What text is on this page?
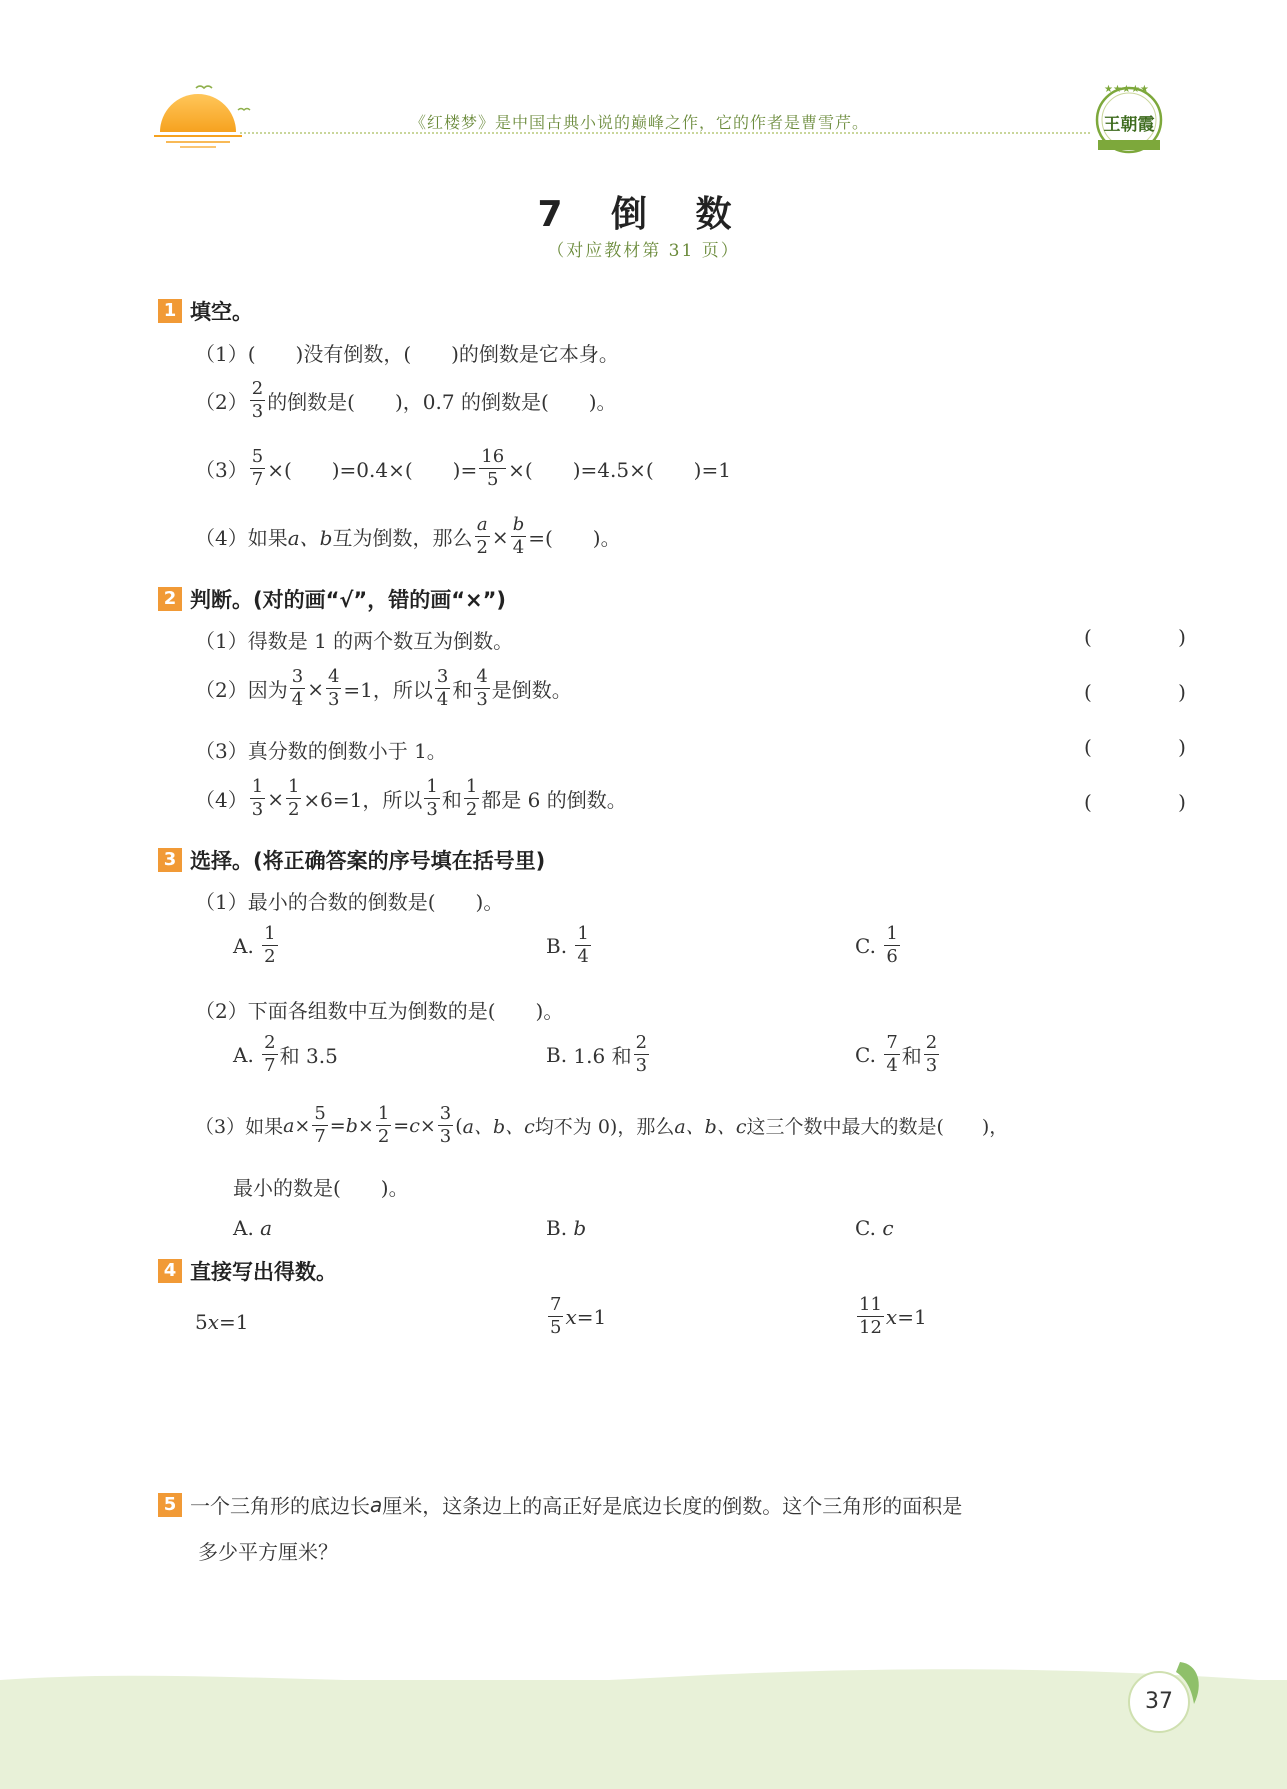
《红楼梦》是中国古典小说的巅峰之作，它的作者是曹雪芹。
★★★★★
王朝霞
7 倒 数
（对应教材第 31 页）
1 填空。
（1）(　　)没有倒数，(　　)的倒数是它本身。
$(2) \frac{2}{3}$ 的倒数是(　　)，0.7 的倒数是(　　)。
$(3) \frac{5}{7}$ ×(　　)=0.4×(　　)= $\frac{16}{5}$ ×(　　)=4.5×(　　)=1
（4）如果 a、b 互为倒数，那么 $\frac{a}{2} \times \frac{b}{4}$ =(　　)。
2 判断。(对的画“√”，错的画“×”)
（1）得数是 1 的两个数互为倒数。	( )
（2）因为 $\frac{3}{4} \times \frac{4}{3} =1$，所以 $\frac{3}{4}$ 和 $\frac{4}{3}$ 是倒数。	( )
（3）真分数的倒数小于 1。	( )
$(4) \frac{1}{3} \times \frac{1}{2} \times 6=1$，所以 $\frac{1}{3}$ 和 $\frac{1}{2}$ 都是 6 的倒数。	( )
3 选择。(将正确答案的序号填在括号里)
（1）最小的合数的倒数是(　　)。
A.
$\frac{1}{2}$	B.
$\frac{1}{4}$	C.
$\frac{1}{6}$
（2）下面各组数中互为倒数的是(　　)。
A.
$\frac{2}{7}$ 和 3.5	B.
1.6 和 $\frac{2}{3}$	C.
$\frac{7}{4}$ 和 $\frac{2}{3}$
（3）如果 $a \times \frac{5}{7} = b \times \frac{1}{2} = c \times \frac{3}{3}$ ( a、b、c 均不为 0)，那么 a、b、c 这三个数中最大的数是(　　)，
最小的数是(　　)。
A.
a	B.
b	C.
c
4 直接写出得数。
5 x =1	$\frac{7}{5}$ x =1	$\frac{11}{12}$ x =1
5 一个三角形的底边长 a 厘米，这条边上的高正好是底边长度的倒数。这个三角形的面积是
多少平方厘米？
37
